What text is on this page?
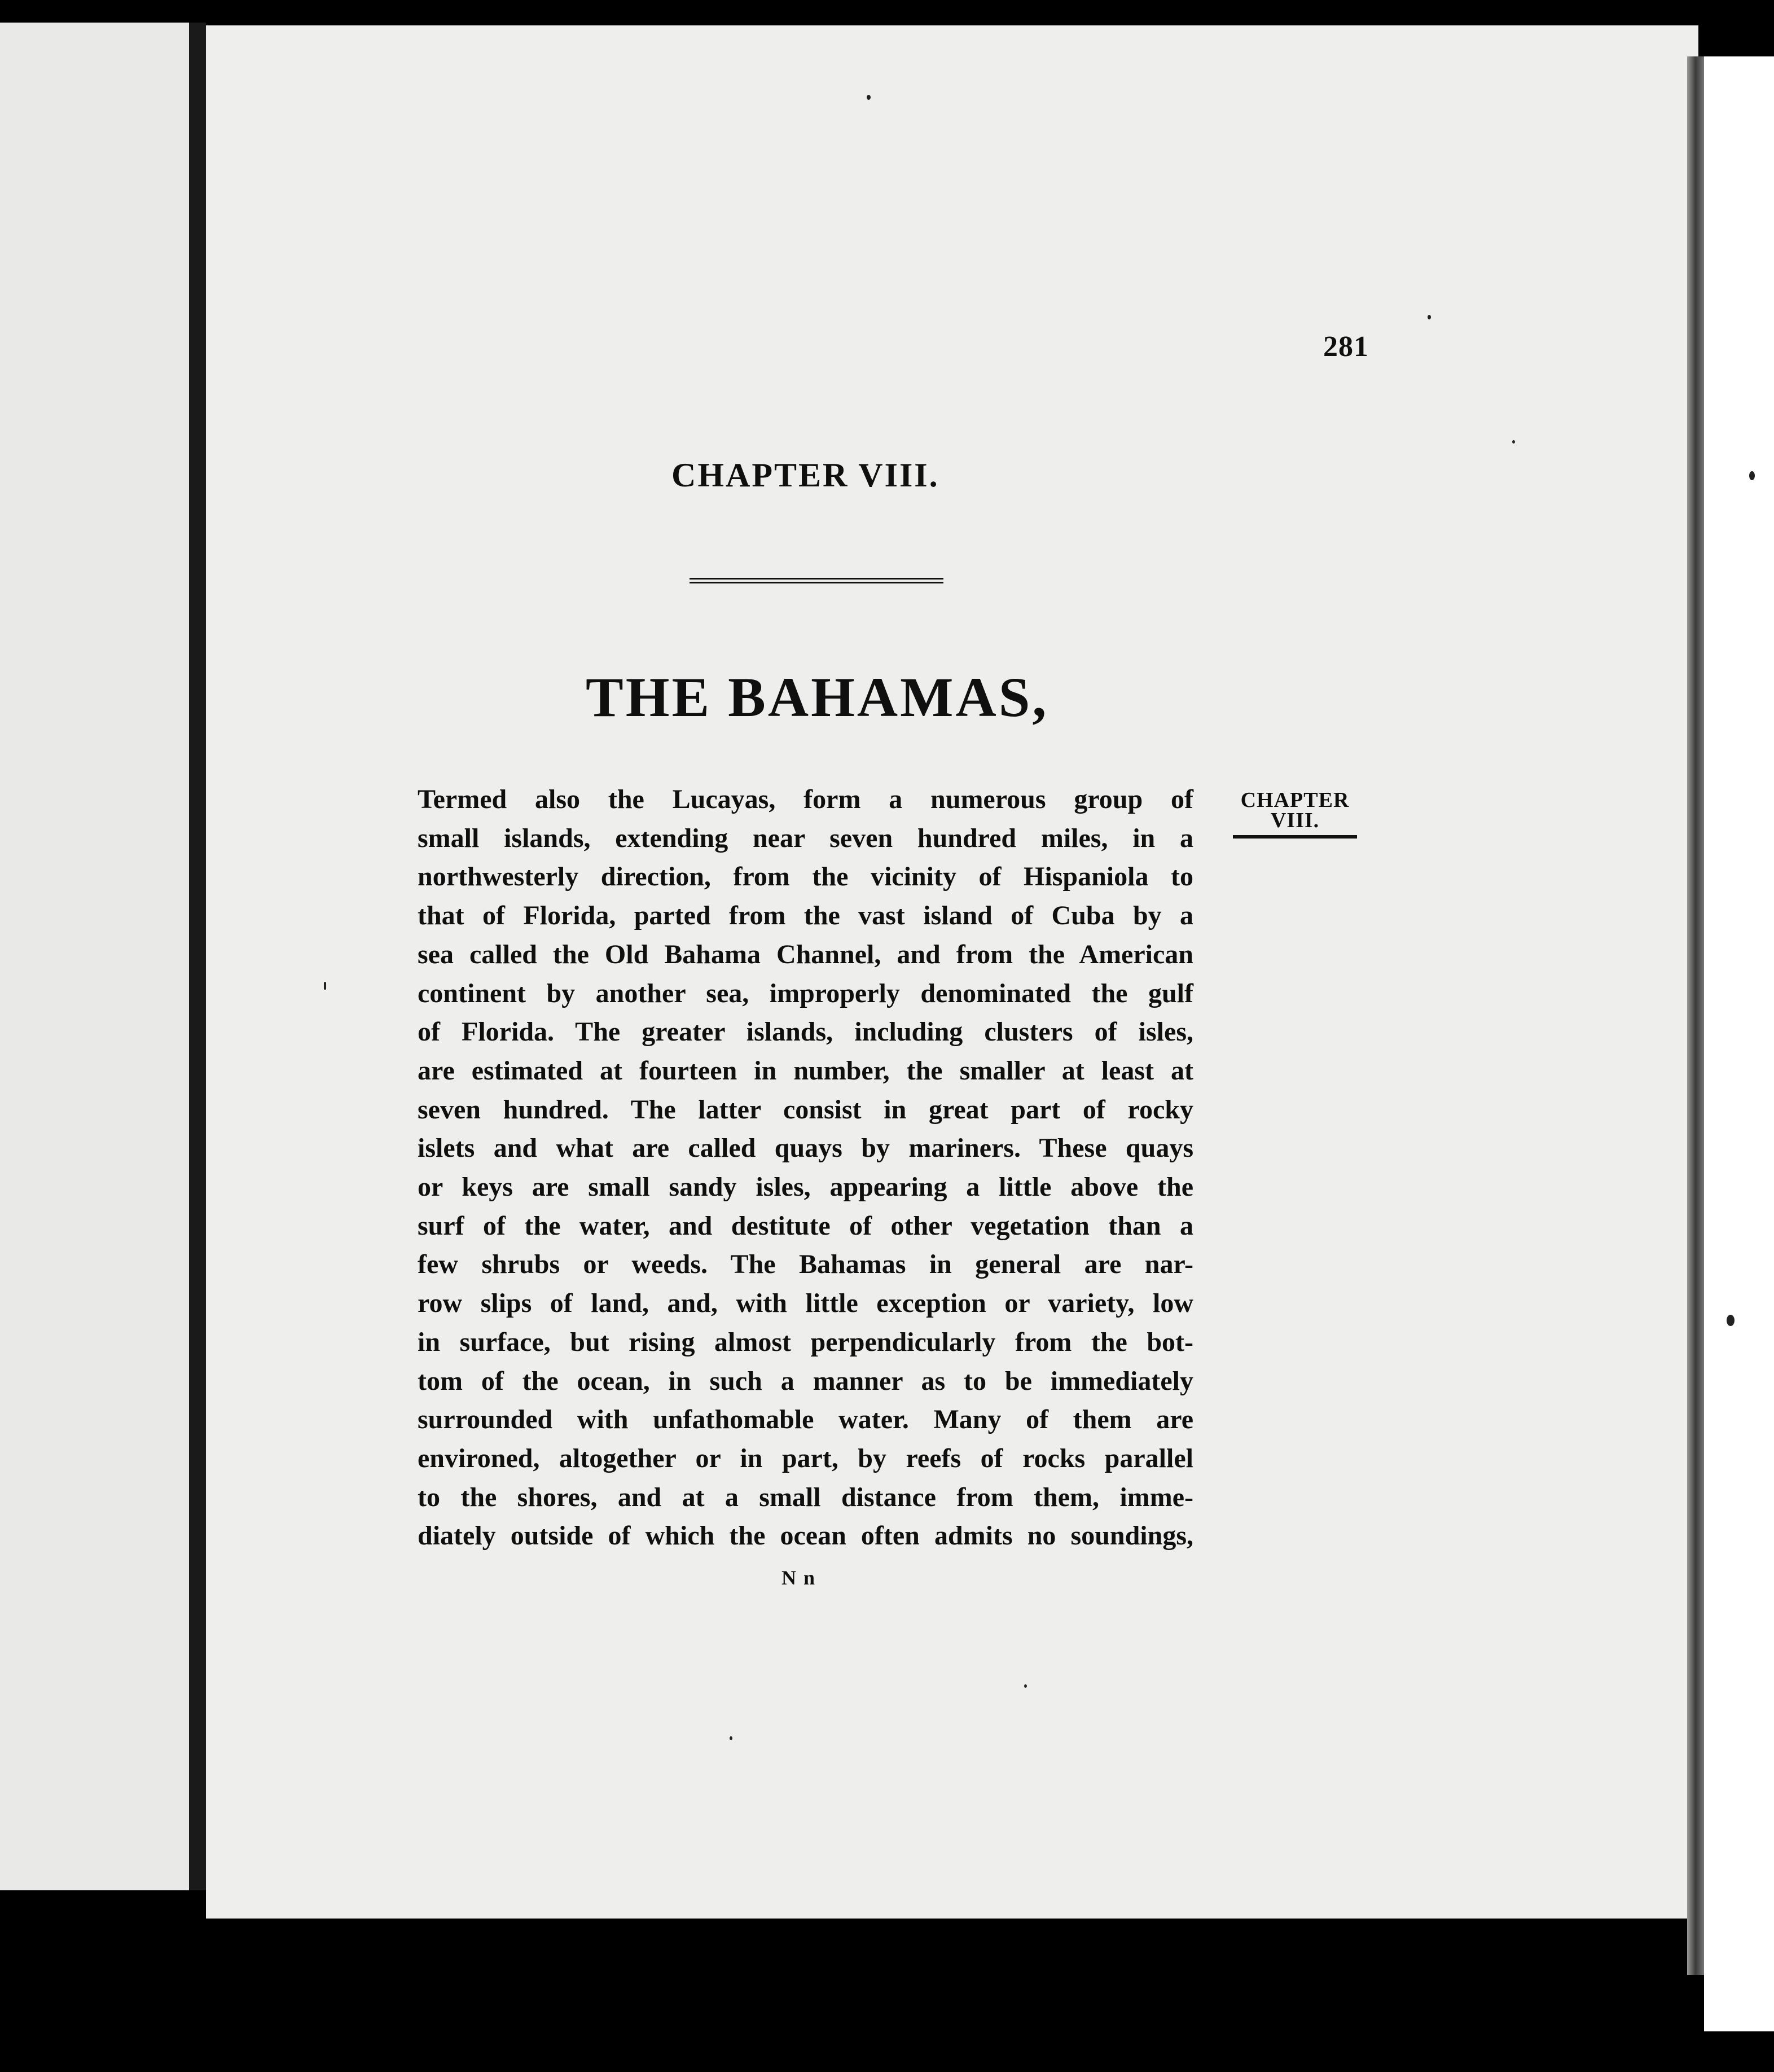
281
CHAPTER VIII.
THE BAHAMAS,
Termed also the Lucayas, form a numerous group of
small islands, extending near seven hundred miles, in a
northwesterly direction, from the vicinity of Hispaniola to
that of Florida, parted from the vast island of Cuba by a
sea called the Old Bahama Channel, and from the American
continent by another sea, improperly denominated the gulf
of Florida. The greater islands, including clusters of isles,
are estimated at fourteen in number, the smaller at least at
seven hundred. The latter consist in great part of rocky
islets and what are called quays by mariners. These quays
or keys are small sandy isles, appearing a little above the
surf of the water, and destitute of other vegetation than a
few shrubs or weeds. The Bahamas in general are nar-
row slips of land, and, with little exception or variety, low
in surface, but rising almost perpendicularly from the bot-
tom of the ocean, in such a manner as to be immediately
surrounded with unfathomable water. Many of them are
environed, altogether or in part, by reefs of rocks parallel
to the shores, and at a small distance from them, imme-
diately outside of which the ocean often admits no soundings,
CHAPTER
VIII.
N n
